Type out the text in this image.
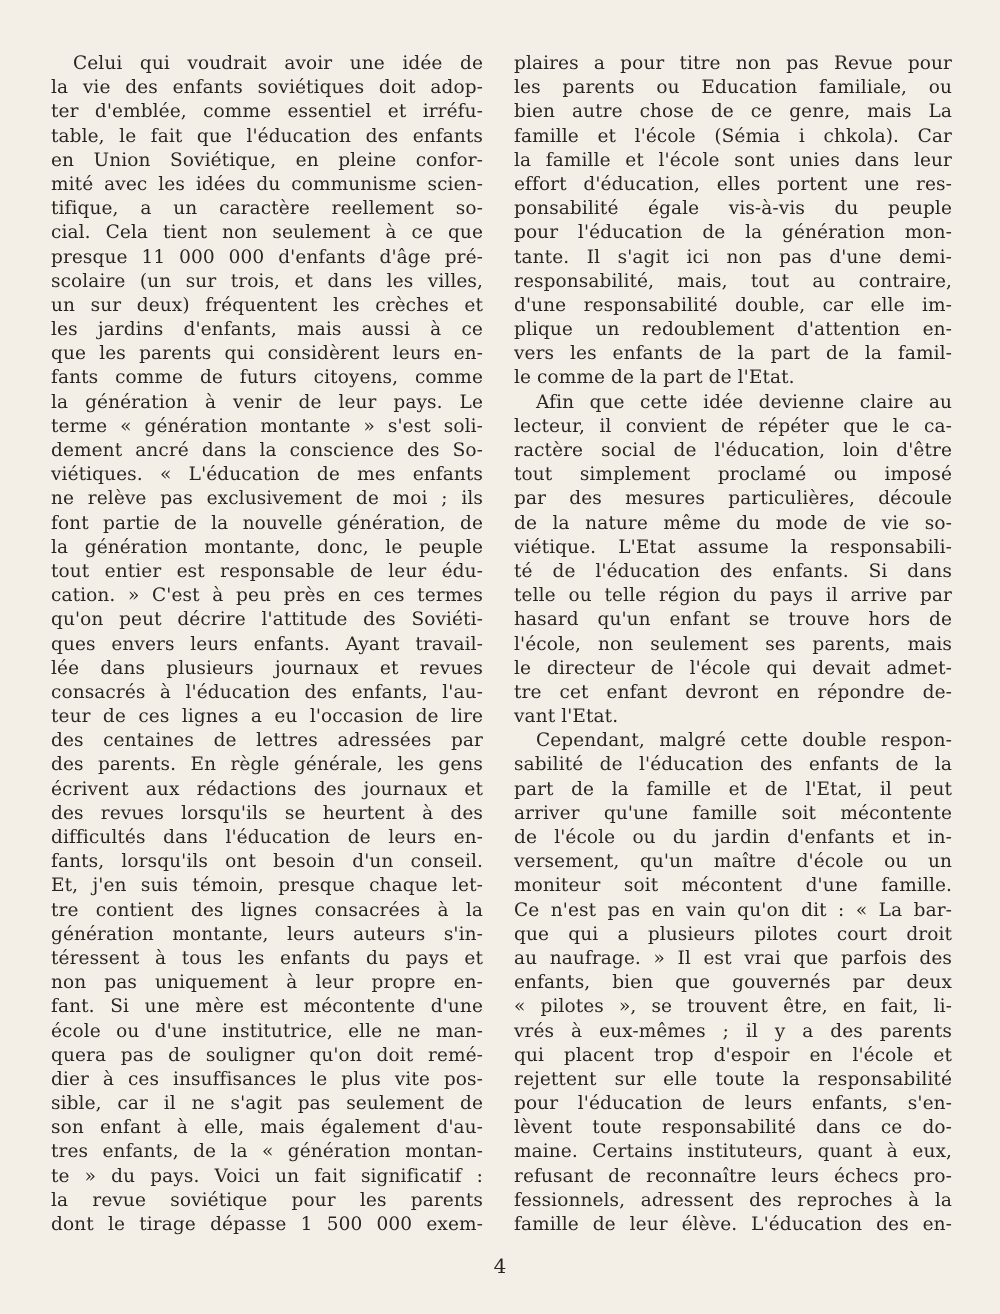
Celui qui voudrait avoir une idée de
la vie des enfants soviétiques doit adop-
ter d'emblée, comme essentiel et irréfu-
table, le fait que l'éducation des enfants
en Union Soviétique, en pleine confor-
mité avec les idées du communisme scien-
tifique, a un caractère reellement so-
cial. Cela tient non seulement à ce que
presque 11 000 000 d'enfants d'âge pré-
scolaire (un sur trois, et dans les villes,
un sur deux) fréquentent les crèches et
les jardins d'enfants, mais aussi à ce
que les parents qui considèrent leurs en-
fants comme de futurs citoyens, comme
la génération à venir de leur pays. Le
terme « génération montante » s'est soli-
dement ancré dans la conscience des So-
viétiques. « L'éducation de mes enfants
ne relève pas exclusivement de moi ; ils
font partie de la nouvelle génération, de
la génération montante, donc, le peuple
tout entier est responsable de leur édu-
cation. » C'est à peu près en ces termes
qu'on peut décrire l'attitude des Soviéti-
ques envers leurs enfants. Ayant travail-
lée dans plusieurs journaux et revues
consacrés à l'éducation des enfants, l'au-
teur de ces lignes a eu l'occasion de lire
des centaines de lettres adressées par
des parents. En règle générale, les gens
écrivent aux rédactions des journaux et
des revues lorsqu'ils se heurtent à des
difficultés dans l'éducation de leurs en-
fants, lorsqu'ils ont besoin d'un conseil.
Et, j'en suis témoin, presque chaque let-
tre contient des lignes consacrées à la
génération montante, leurs auteurs s'in-
téressent à tous les enfants du pays et
non pas uniquement à leur propre en-
fant. Si une mère est mécontente d'une
école ou d'une institutrice, elle ne man-
quera pas de souligner qu'on doit remé-
dier à ces insuffisances le plus vite pos-
sible, car il ne s'agit pas seulement de
son enfant à elle, mais également d'au-
tres enfants, de la « génération montan-
te » du pays. Voici un fait significatif :
la revue soviétique pour les parents
dont le tirage dépasse 1 500 000 exem-
plaires a pour titre non pas Revue pour
les parents ou Education familiale, ou
bien autre chose de ce genre, mais La
famille et l'école (Sémia i chkola). Car
la famille et l'école sont unies dans leur
effort d'éducation, elles portent une res-
ponsabilité égale vis-à-vis du peuple
pour l'éducation de la génération mon-
tante. Il s'agit ici non pas d'une demi-
responsabilité, mais, tout au contraire,
d'une responsabilité double, car elle im-
plique un redoublement d'attention en-
vers les enfants de la part de la famil-
le comme de la part de l'Etat.
Afin que cette idée devienne claire au
lecteur, il convient de répéter que le ca-
ractère social de l'éducation, loin d'être
tout simplement proclamé ou imposé
par des mesures particulières, découle
de la nature même du mode de vie so-
viétique. L'Etat assume la responsabili-
té de l'éducation des enfants. Si dans
telle ou telle région du pays il arrive par
hasard qu'un enfant se trouve hors de
l'école, non seulement ses parents, mais
le directeur de l'école qui devait admet-
tre cet enfant devront en répondre de-
vant l'Etat.
Cependant, malgré cette double respon-
sabilité de l'éducation des enfants de la
part de la famille et de l'Etat, il peut
arriver qu'une famille soit mécontente
de l'école ou du jardin d'enfants et in-
versement, qu'un maître d'école ou un
moniteur soit mécontent d'une famille.
Ce n'est pas en vain qu'on dit : « La bar-
que qui a plusieurs pilotes court droit
au naufrage. » Il est vrai que parfois des
enfants, bien que gouvernés par deux
« pilotes », se trouvent être, en fait, li-
vrés à eux-mêmes ; il y a des parents
qui placent trop d'espoir en l'école et
rejettent sur elle toute la responsabilité
pour l'éducation de leurs enfants, s'en-
lèvent toute responsabilité dans ce do-
maine. Certains instituteurs, quant à eux,
refusant de reconnaître leurs échecs pro-
fessionnels, adressent des reproches à la
famille de leur élève. L'éducation des en-
4
